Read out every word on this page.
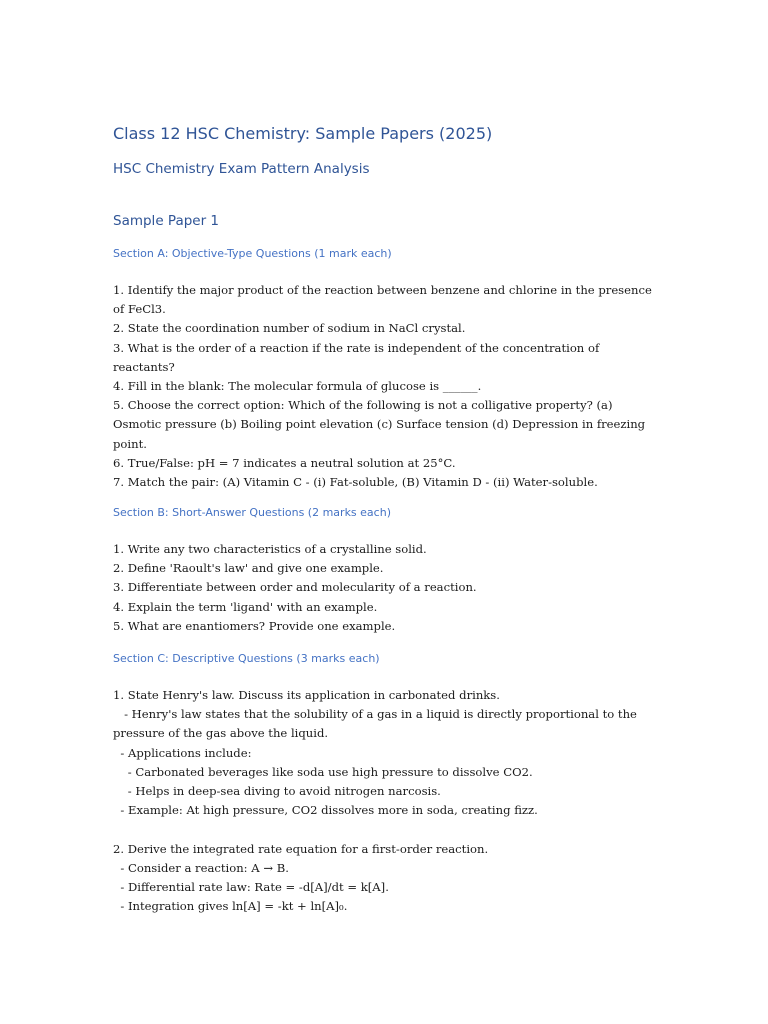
Class 12 HSC Chemistry: Sample Papers (2025)
HSC Chemistry Exam Pattern Analysis
Sample Paper 1
Section A: Objective-Type Questions (1 mark each)
1. Identify the major product of the reaction between benzene and chlorine in the presence of FeCl3.
2. State the coordination number of sodium in NaCl crystal.
3. What is the order of a reaction if the rate is independent of the concentration of reactants?
4. Fill in the blank: The molecular formula of glucose is ______.
5. Choose the correct option: Which of the following is not a colligative property? (a) Osmotic pressure (b) Boiling point elevation (c) Surface tension (d) Depression in freezing point.
6. True/False: pH = 7 indicates a neutral solution at 25°C.
7. Match the pair: (A) Vitamin C - (i) Fat-soluble, (B) Vitamin D - (ii) Water-soluble.
Section B: Short-Answer Questions (2 marks each)
1. Write any two characteristics of a crystalline solid.
2. Define 'Raoult's law' and give one example.
3. Differentiate between order and molecularity of a reaction.
4. Explain the term 'ligand' with an example.
5. What are enantiomers? Provide one example.
Section C: Descriptive Questions (3 marks each)
1. State Henry's law. Discuss its application in carbonated drinks.
- Henry's law states that the solubility of a gas in a liquid is directly proportional to the pressure of the gas above the liquid.
- Applications include:
- Carbonated beverages like soda use high pressure to dissolve CO2.
- Helps in deep-sea diving to avoid nitrogen narcosis.
- Example: At high pressure, CO2 dissolves more in soda, creating fizz.
2. Derive the integrated rate equation for a first-order reaction.
- Consider a reaction: A → B.
- Differential rate law: Rate = -d[A]/dt = k[A].
- Integration gives ln[A] = -kt + ln[A]₀.
